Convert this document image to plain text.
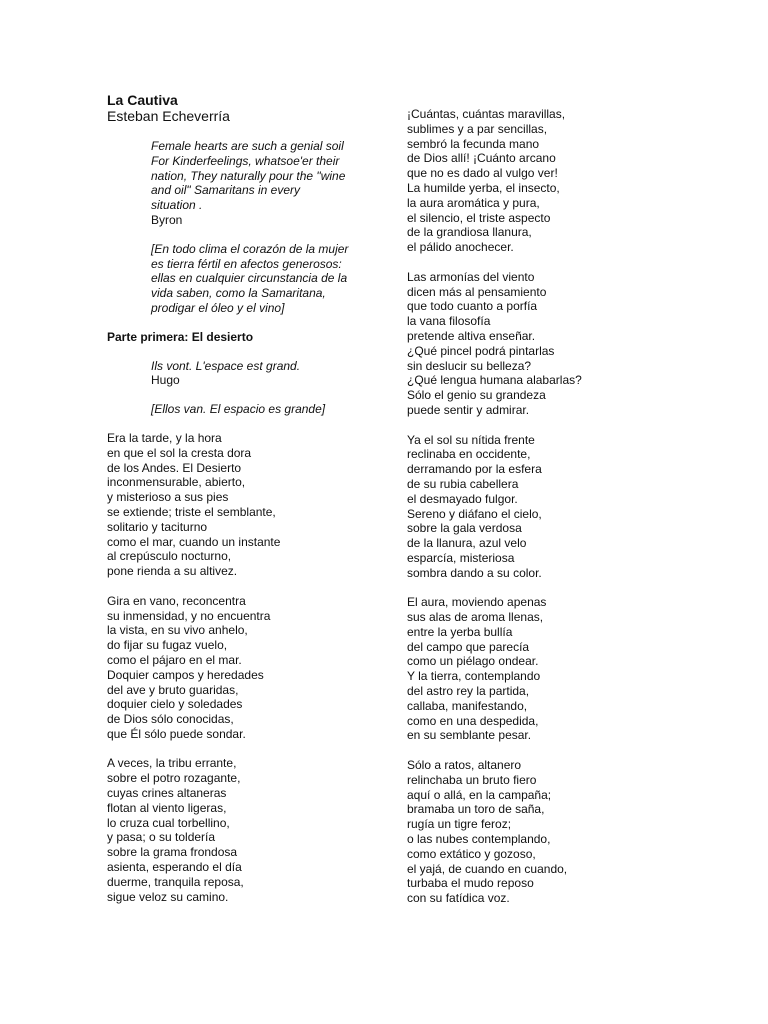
La Cautiva
Esteban Echeverría
Female hearts are such a genial soil
For Kinderfeelings, whatsoe'er their
nation, They naturally pour the "wine
and oil" Samaritans in every
situation .
Byron
[En todo clima el corazón de la mujer
es tierra fértil en afectos generosos:
ellas en cualquier circunstancia de la
vida saben, como la Samaritana,
prodigar el óleo y el vino]
Parte primera: El desierto
Ils vont. L'espace est grand.
Hugo
[Ellos van. El espacio es grande]
Era la tarde, y la hora
en que el sol la cresta dora
de los Andes. El Desierto
inconmensurable, abierto,
y misterioso a sus pies
se extiende; triste el semblante,
solitario y taciturno
como el mar, cuando un instante
al crepúsculo nocturno,
pone rienda a su altivez.
Gira en vano, reconcentra
su inmensidad, y no encuentra
la vista, en su vivo anhelo,
do fijar su fugaz vuelo,
como el pájaro en el mar.
Doquier campos y heredades
del ave y bruto guaridas,
doquier cielo y soledades
de Dios sólo conocidas,
que Él sólo puede sondar.
A veces, la tribu errante,
sobre el potro rozagante,
cuyas crines altaneras
flotan al viento ligeras,
lo cruza cual torbellino,
y pasa; o su toldería
sobre la grama frondosa
asienta, esperando el día
duerme, tranquila reposa,
sigue veloz su camino.
¡Cuántas, cuántas maravillas,
sublimes y a par sencillas,
sembró la fecunda mano
de Dios allí! ¡Cuánto arcano
que no es dado al vulgo ver!
La humilde yerba, el insecto,
la aura aromática y pura,
el silencio, el triste aspecto
de la grandiosa llanura,
el pálido anochecer.
Las armonías del viento
dicen más al pensamiento
que todo cuanto a porfía
la vana filosofía
pretende altiva enseñar.
¿Qué pincel podrá pintarlas
sin deslucir su belleza?
¿Qué lengua humana alabarlas?
Sólo el genio su grandeza
puede sentir y admirar.
Ya el sol su nítida frente
reclinaba en occidente,
derramando por la esfera
de su rubia cabellera
el desmayado fulgor.
Sereno y diáfano el cielo,
sobre la gala verdosa
de la llanura, azul velo
esparcía, misteriosa
sombra dando a su color.
El aura, moviendo apenas
sus alas de aroma llenas,
entre la yerba bullía
del campo que parecía
como un piélago ondear.
Y la tierra, contemplando
del astro rey la partida,
callaba, manifestando,
como en una despedida,
en su semblante pesar.
Sólo a ratos, altanero
relinchaba un bruto fiero
aquí o allá, en la campaña;
bramaba un toro de saña,
rugía un tigre feroz;
o las nubes contemplando,
como extático y gozoso,
el yajá, de cuando en cuando,
turbaba el mudo reposo
con su fatídica voz.
